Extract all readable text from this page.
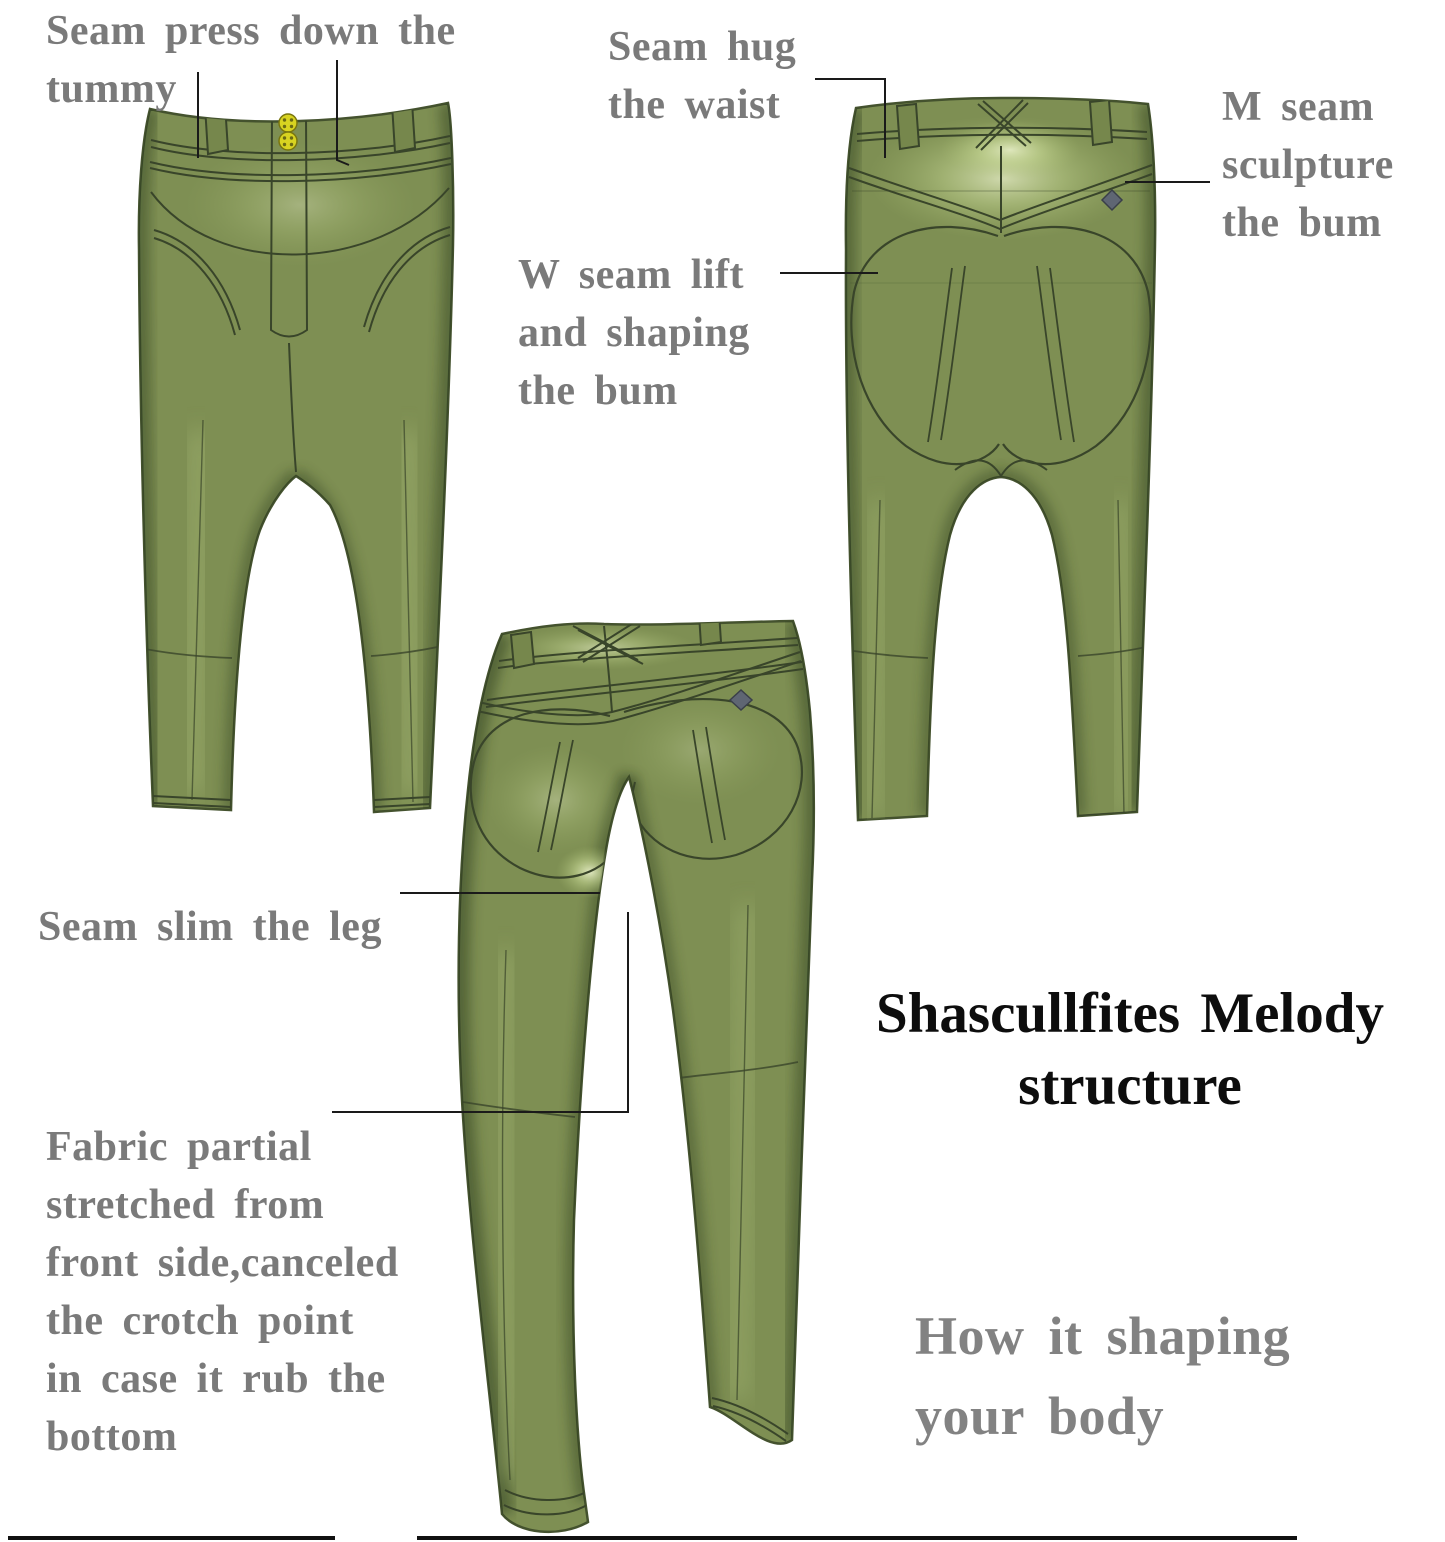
Seam press down the
tummy
Seam hug
the waist	M seam
sculpture
the bum
W seam lift
and shaping
the bum
Seam slim the leg
Fabric partial
stretched from
front side,canceled
the crotch point
in case it rub the
bottom
Shascullfites Melody
structure
How it shaping
your body
